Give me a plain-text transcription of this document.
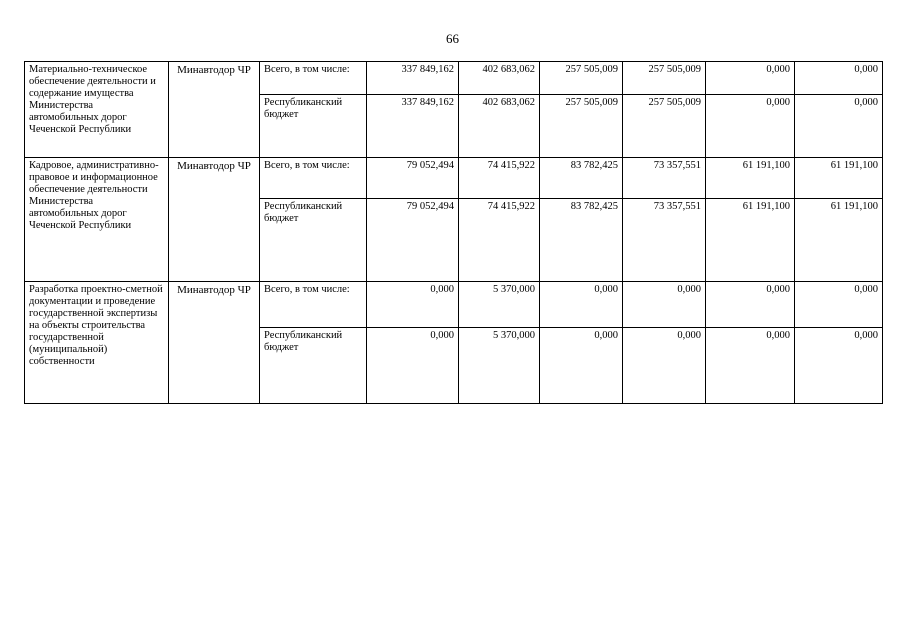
66
Материально-техническое обеспечение деятельности и содержание имущества Министерства автомобильных дорог Чеченской Республики	Минавтодор ЧР	Всего, в том числе:	337 849,162	402 683,062	257 505,009	257 505,009	0,000	0,000
		Республиканский бюджет	337 849,162	402 683,062	257 505,009	257 505,009	0,000	0,000
Кадровое, административно-правовое и информационное обеспечение деятельности Министерства автомобильных дорог Чеченской Республики	Минавтодор ЧР	Всего, в том числе:	79 052,494	74 415,922	83 782,425	73 357,551	61 191,100	61 191,100
		Республиканский бюджет	79 052,494	74 415,922	83 782,425	73 357,551	61 191,100	61 191,100
Разработка проектно-сметной документации и проведение государственной экспертизы на объекты строительства государственной (муниципальной) собственности	Минавтодор ЧР	Всего, в том числе:	0,000	5 370,000	0,000	0,000	0,000	0,000
		Республиканский бюджет	0,000	5 370,000	0,000	0,000	0,000	0,000
